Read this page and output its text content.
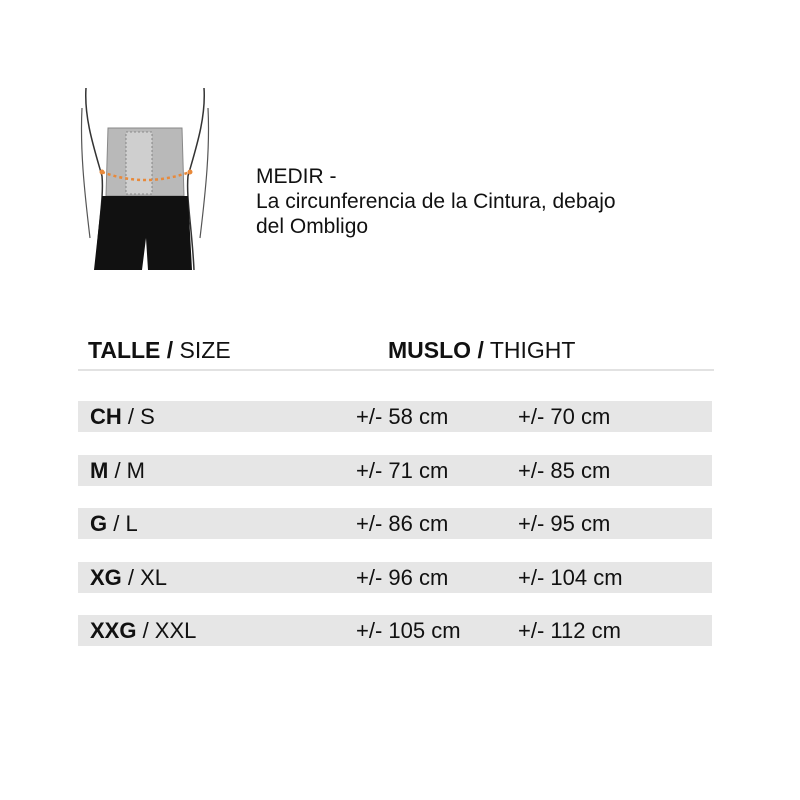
MEDIR -
La circunferencia de la Cintura, debajo
del Ombligo
TALLE / SIZE	MUSLO / THIGHT
CH / S	+/- 58 cm	+/- 70 cm
M / M	+/- 71 cm	+/- 85 cm
G / L	+/- 86 cm	+/- 95 cm
XG / XL	+/- 96 cm	+/- 104 cm
XXG / XXL	+/- 105 cm	+/- 112 cm
